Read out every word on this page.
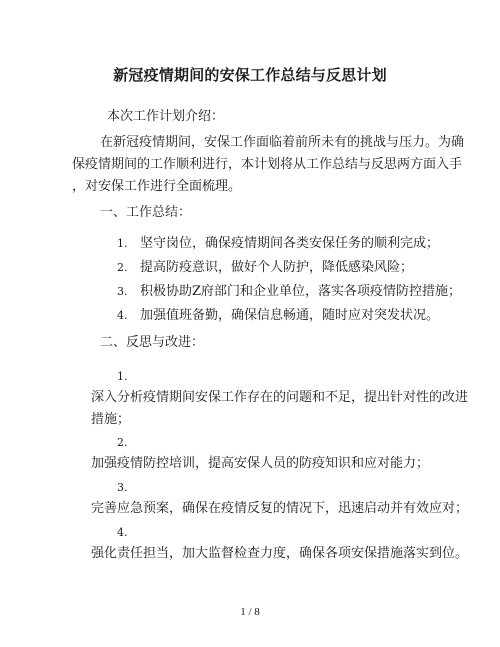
新冠疫情期间的安保工作总结与反思计划
本次工作计划介绍：
在新冠疫情期间，安保工作面临着前所未有的挑战与压力。为确
保疫情期间的工作顺利进行，本计划将从工作总结与反思两方面入手
，对安保工作进行全面梳理。
一、工作总结：
1. 坚守岗位，确保疫情期间各类安保任务的顺利完成；
2. 提高防疫意识，做好个人防护，降低感染风险；
3. 积极协助Z府部门和企业单位，落实各项疫情防控措施；
4. 加强值班备勤，确保信息畅通，随时应对突发状况。
二、反思与改进：
1.
深入分析疫情期间安保工作存在的问题和不足，提出针对性的改进
措施；
2.
加强疫情防控培训，提高安保人员的防疫知识和应对能力；
3.
完善应急预案，确保在疫情反复的情况下，迅速启动并有效应对；
4.
强化责任担当，加大监督检查力度，确保各项安保措施落实到位。
1 / 8
